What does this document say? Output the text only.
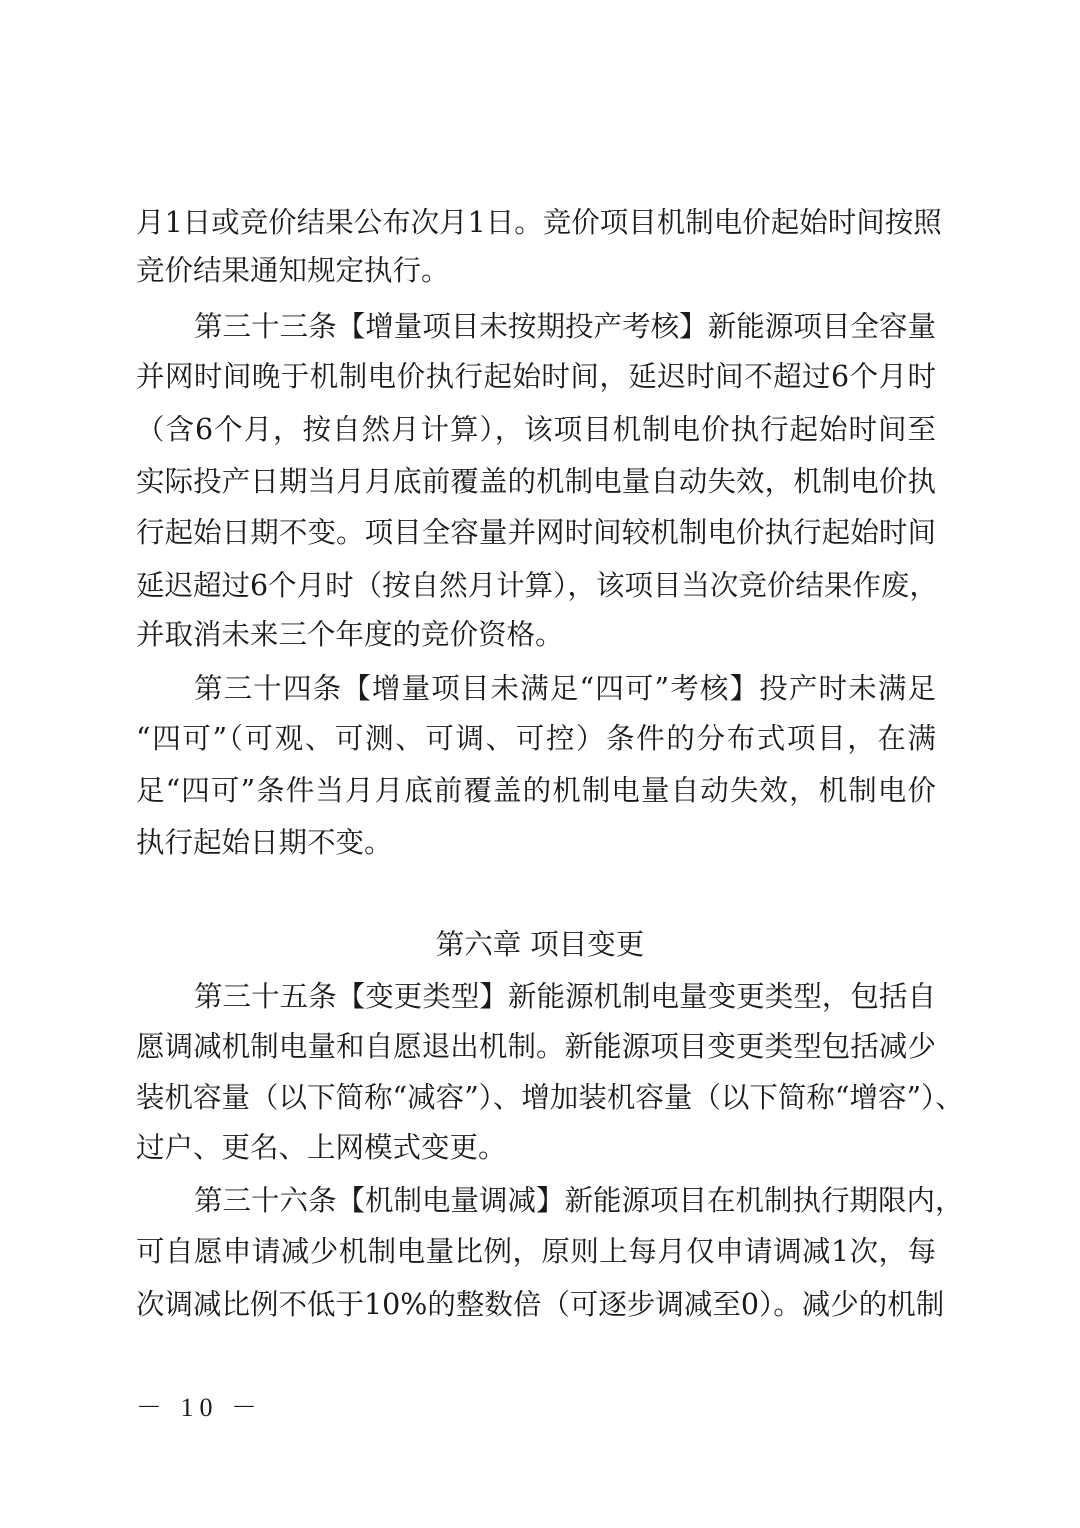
月1日或竞价结果公布次月1日。竞价项目机制电价起始时间按照
竞价结果通知规定执行。
第三十三条【增量项目未按期投产考核】新能源项目全容量
并网时间晚于机制电价执行起始时间，延迟时间不超过6个月时
（含6个月，按自然月计算），该项目机制电价执行起始时间至
实际投产日期当月月底前覆盖的机制电量自动失效，机制电价执
行起始日期不变。项目全容量并网时间较机制电价执行起始时间
延迟超过6个月时（按自然月计算），该项目当次竞价结果作废，
并取消未来三个年度的竞价资格。
第三十四条【增量项目未满足“四可”考核】投产时未满足
“四可”（可观、可测、可调、可控）条件的分布式项目，在满
足“四可”条件当月月底前覆盖的机制电量自动失效，机制电价
执行起始日期不变。
第六章 项目变更
第三十五条【变更类型】新能源机制电量变更类型，包括自
愿调减机制电量和自愿退出机制。新能源项目变更类型包括减少
装机容量（以下简称“减容”）、增加装机容量（以下简称“增容”）、
过户、更名、上网模式变更。
第三十六条【机制电量调减】新能源项目在机制执行期限内，
可自愿申请减少机制电量比例，原则上每月仅申请调减1次，每
次调减比例不低于10%的整数倍（可逐步调减至0）。减少的机制
－ 10 －
